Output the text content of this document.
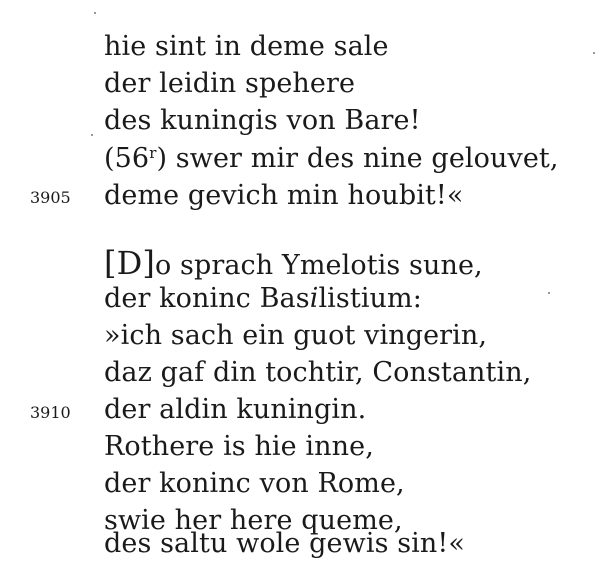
hie sint in deme sale
der leidin spehere
des kuningis von Bare!
(56$^r$) swer mir des nine gelouvet,
3905 deme gevich min houbit!«
[D]o sprach Ymelotis sune,
der koninc Basilistium:
»ich sach ein guot vingerin,
daz gaf din tochtir, Constantin,
3910 der aldin kuningin.
Rothere is hie inne,
der koninc von Rome,
swie her here queme,
des saltu wole gewis sin!«
